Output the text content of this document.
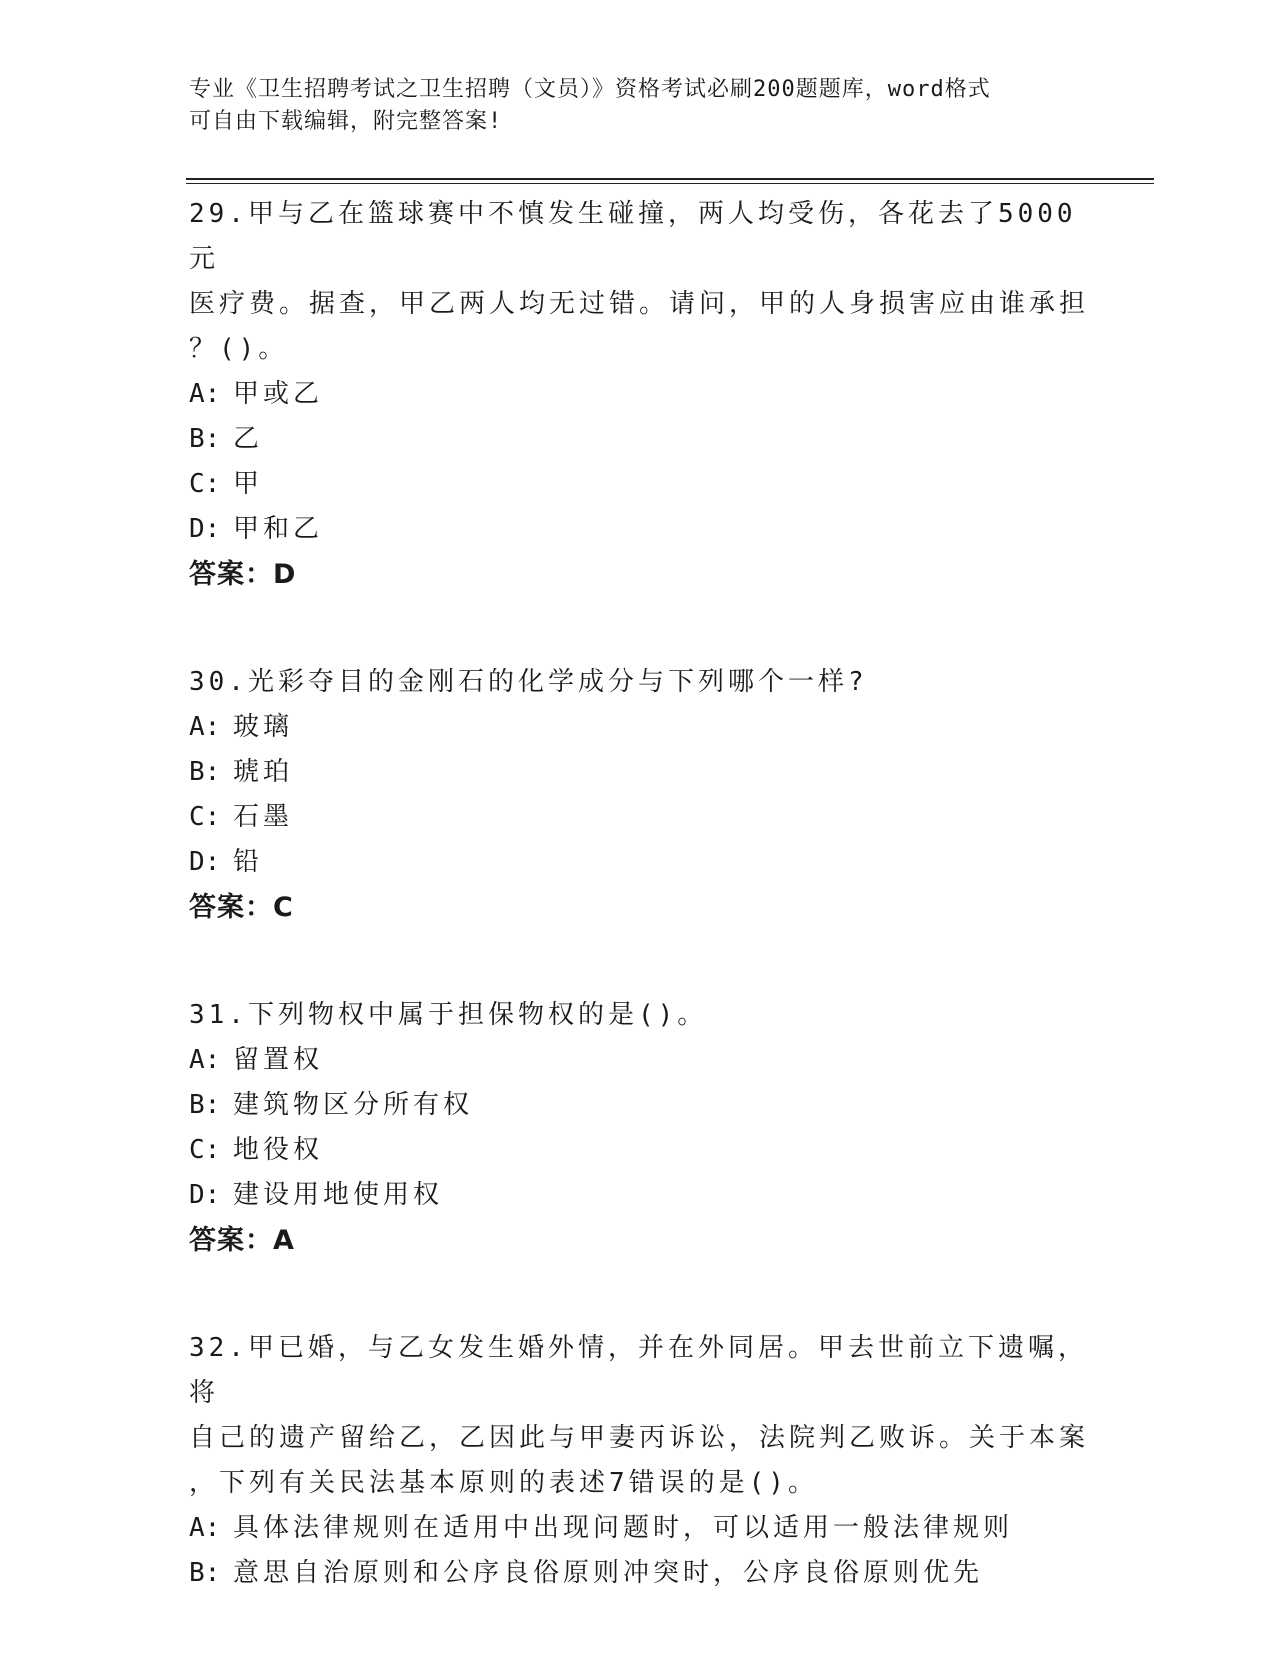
专业《卫生招聘考试之卫生招聘（文员）》资格考试必刷200题题库，word格式
可自由下载编辑，附完整答案!
29.甲与乙在篮球赛中不慎发生碰撞，两人均受伤，各花去了5000元
医疗费。据查，甲乙两人均无过错。请问，甲的人身损害应由谁承担
？()。
A: 甲或乙
B: 乙
C: 甲
D: 甲和乙
答案：D
30.光彩夺目的金刚石的化学成分与下列哪个一样?
A: 玻璃
B: 琥珀
C: 石墨
D: 铅
答案：C
31.下列物权中属于担保物权的是()。
A: 留置权
B: 建筑物区分所有权
C: 地役权
D: 建设用地使用权
答案：A
32.甲已婚，与乙女发生婚外情，并在外同居。甲去世前立下遗嘱，将
自己的遗产留给乙，乙因此与甲妻丙诉讼，法院判乙败诉。关于本案
，下列有关民法基本原则的表述7错误的是()。
A: 具体法律规则在适用中出现问题时，可以适用一般法律规则
B: 意思自治原则和公序良俗原则冲突时，公序良俗原则优先
